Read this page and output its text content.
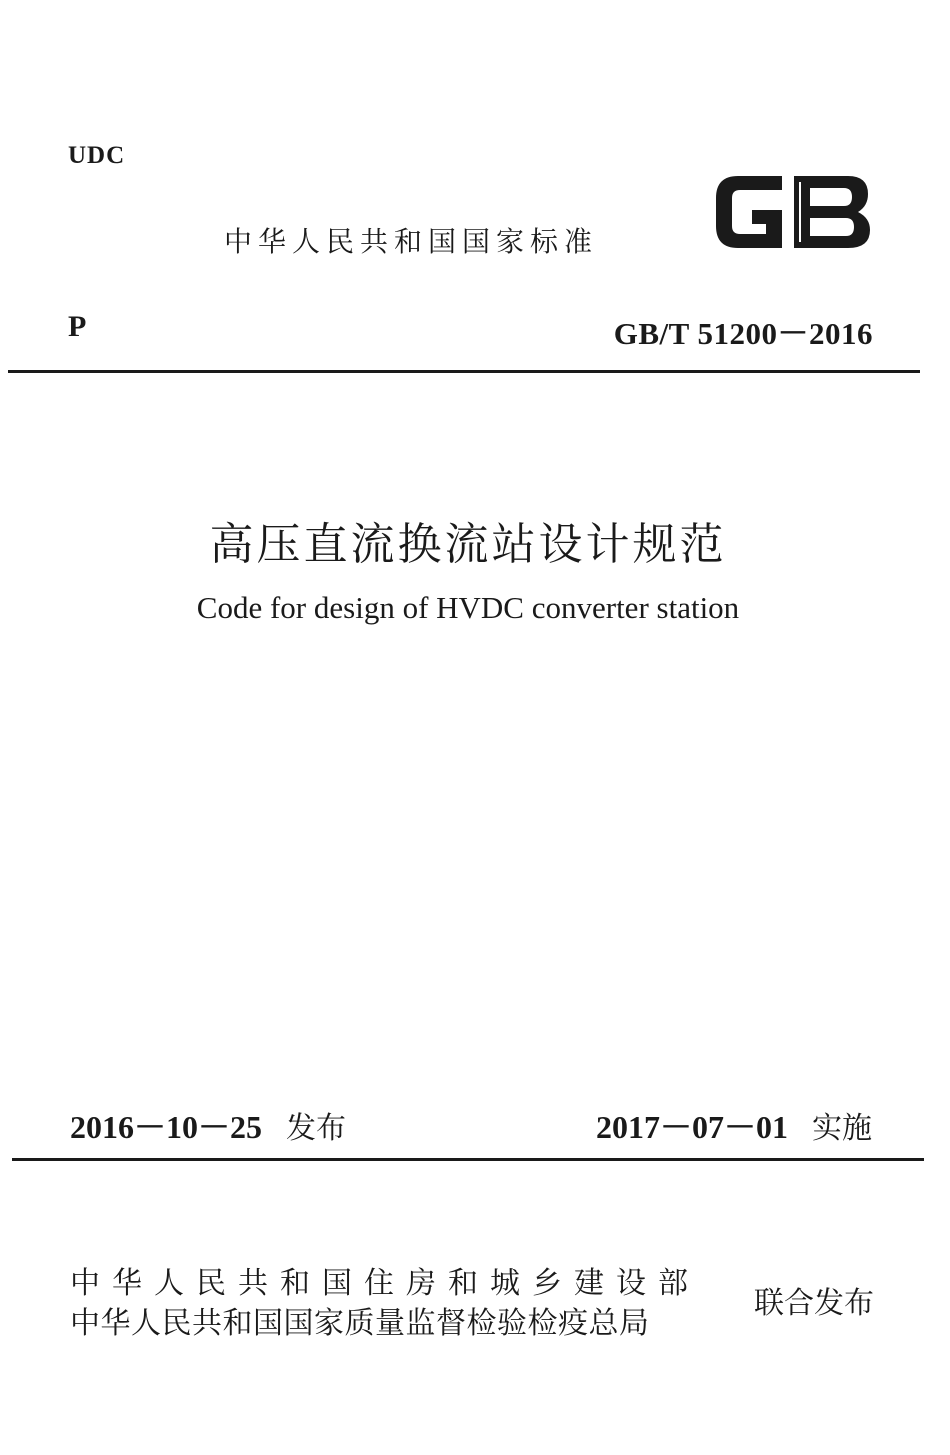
UDC
中华人民共和国国家标准
P	GB/T 51200－2016
高压直流换流站设计规范
Code for design of HVDC converter station
2016－10－25 发布	2017－07－01 实施
中华人民共和国住房和城乡建设部
中华人民共和国国家质量监督检验检疫总局
联合发布
